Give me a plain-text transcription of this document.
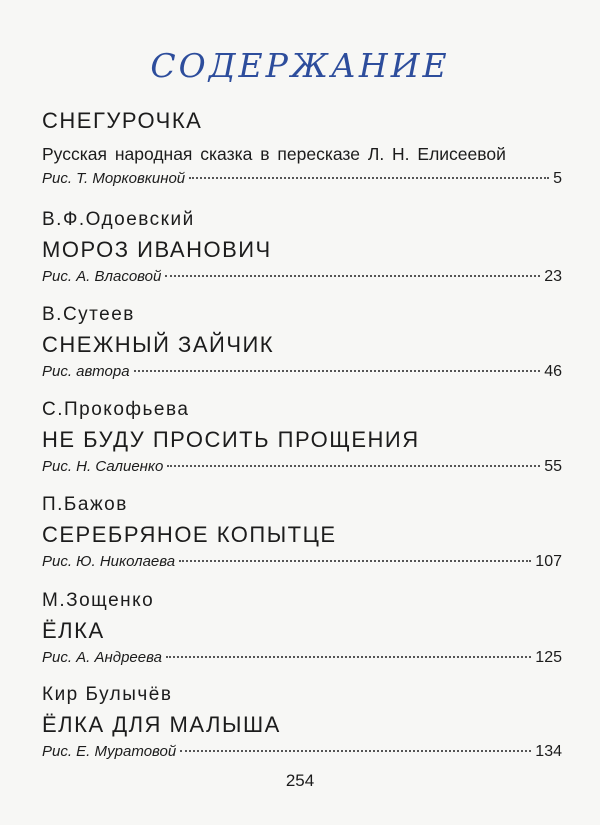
СОДЕРЖАНИЕ
СНЕГУРОЧКА
Русская народная сказка в пересказе Л. Н. Елисеевой
Рис. Т. Морковкиной	5
В.Ф.Одоевский
МОРОЗ ИВАНОВИЧ
Рис. А. Власовой	23
В.Сутеев
СНЕЖНЫЙ ЗАЙЧИК
Рис. автора	46
С.Прокофьева
НЕ БУДУ ПРОСИТЬ ПРОЩЕНИЯ
Рис. Н. Салиенко	55
П.Бажов
СЕРЕБРЯНОЕ КОПЫТЦЕ
Рис. Ю. Николаева	107
М.Зощенко
ЁЛКА
Рис. А. Андреева	125
Кир Булычёв
ЁЛКА ДЛЯ МАЛЫША
Рис. Е. Муратовой	134
254
